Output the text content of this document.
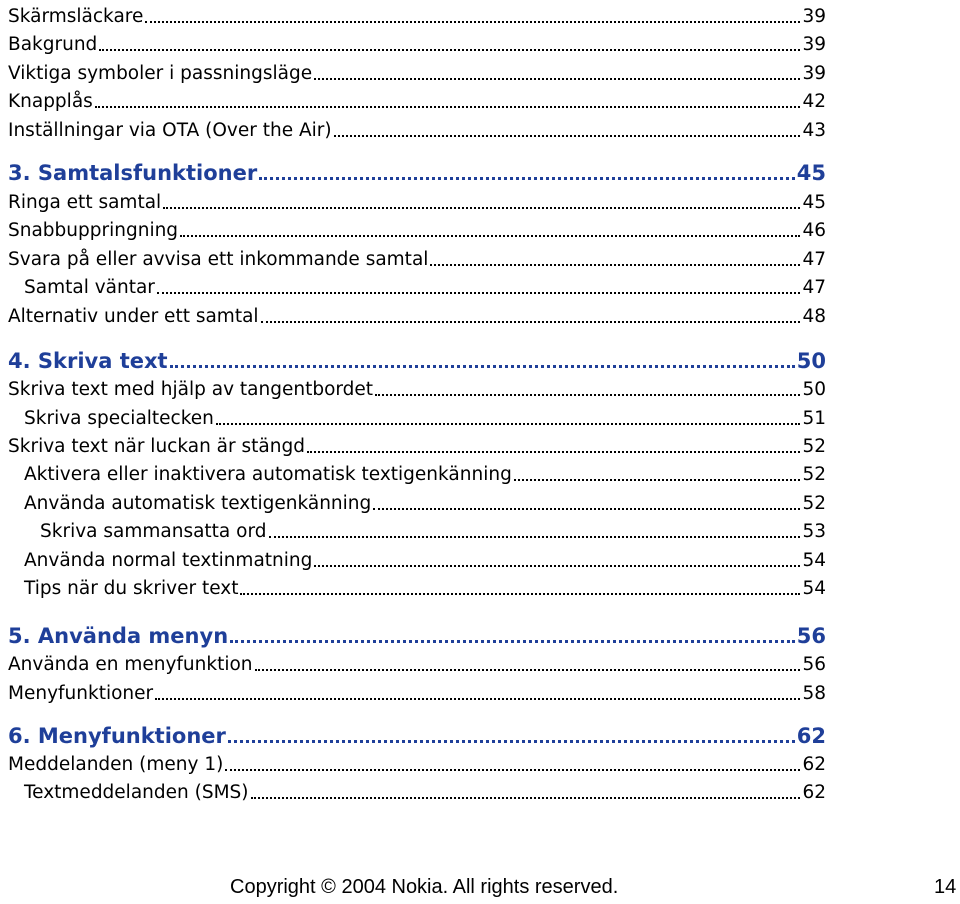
Skärmsläckare	39
Bakgrund	39
Viktiga symboler i passningsläge	39
Knapplås	42
Inställningar via OTA (Over the Air)	43
3. Samtalsfunktioner	45
Ringa ett samtal	45
Snabbuppringning	46
Svara på eller avvisa ett inkommande samtal	47
Samtal väntar	47
Alternativ under ett samtal	48
4. Skriva text	50
Skriva text med hjälp av tangentbordet	50
Skriva specialtecken	51
Skriva text när luckan är stängd	52
Aktivera eller inaktivera automatisk textigenkänning	52
Använda automatisk textigenkänning	52
Skriva sammansatta ord	53
Använda normal textinmatning	54
Tips när du skriver text	54
5. Använda menyn	56
Använda en menyfunktion	56
Menyfunktioner	58
6. Menyfunktioner	62
Meddelanden (meny 1)	62
Textmeddelanden (SMS)	62
Copyright © 2004 Nokia. All rights reserved.	14
